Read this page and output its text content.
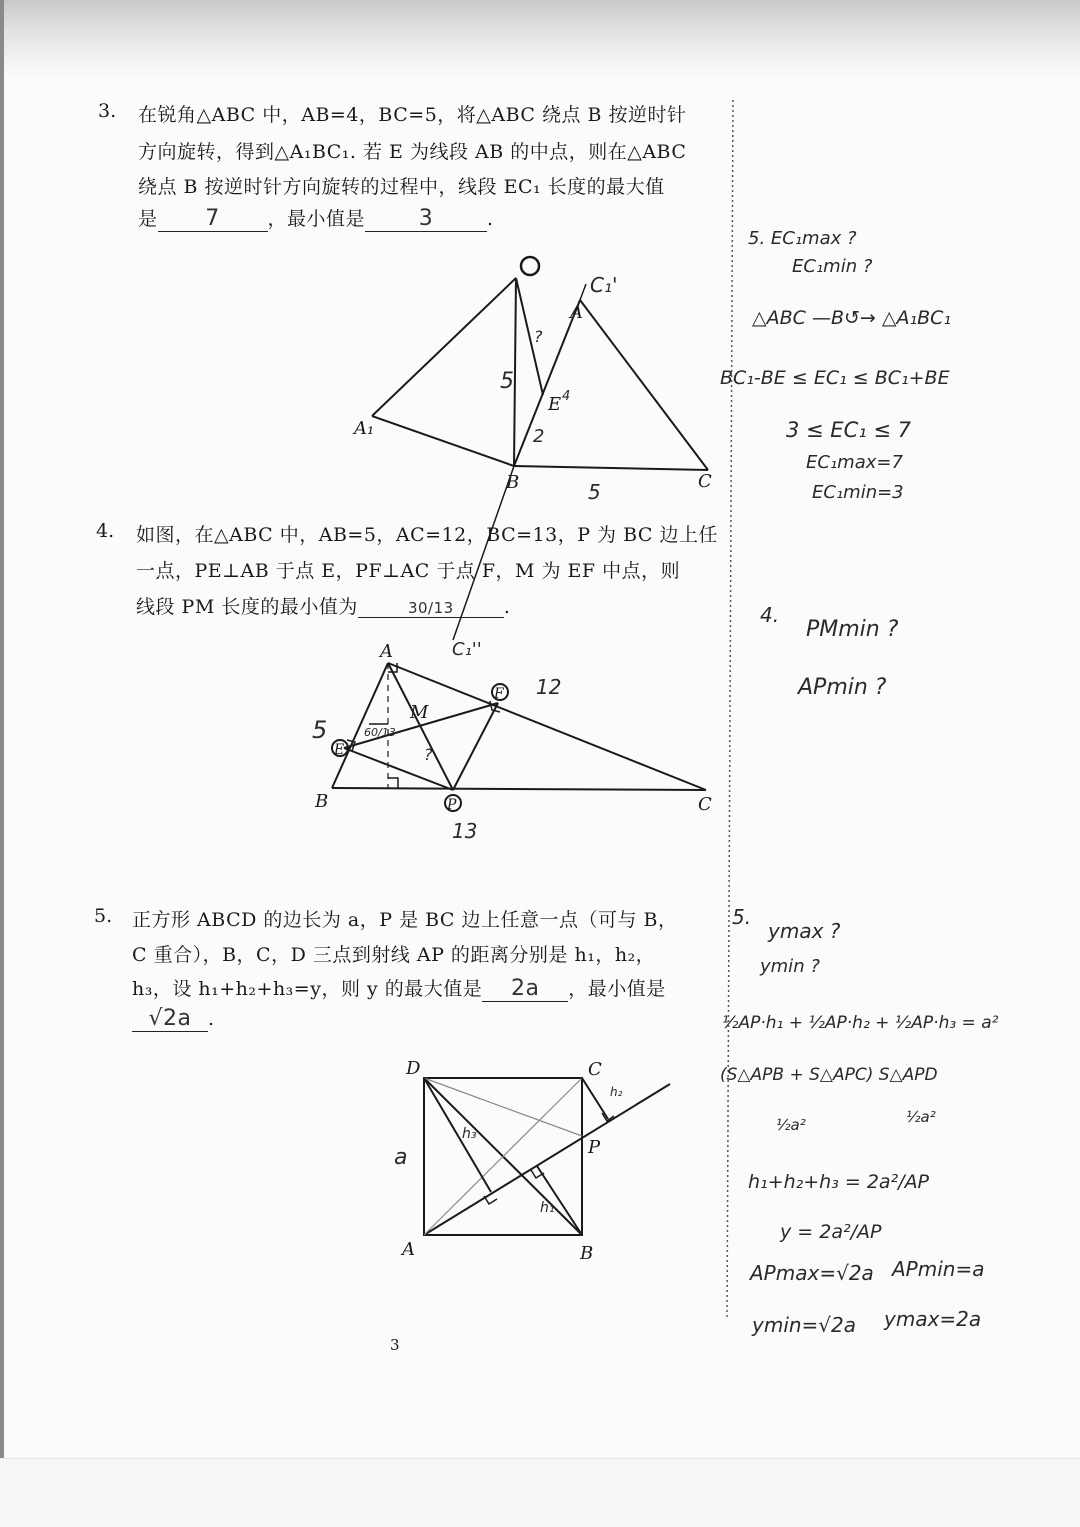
3. 在锐角△ABC 中，AB=4，BC=5，将△ABC 绕点 B 按逆时针
方向旋转，得到△A₁BC₁. 若 E 为线段 AB 的中点，则在△ABC
绕点 B 按逆时针方向旋转的过程中，线段 EC₁ 长度的最大值
是 7	，最小值是 3	.
4. 如图，在△ABC 中，AB=5，AC=12，BC=13，P 为 BC 边上任
一点，PE⊥AB 于点 E，PF⊥AC 于点 F，M 为 EF 中点，则
线段 PM 长度的最小值为	30/13	.
5. 正方形 ABCD 的边长为 a，P 是 BC 边上任意一点（可与 B，
C 重合），B，C，D 三点到射线 AP 的距离分别是 h₁，h₂，
h₃，设 h₁+h₂+h₃=y，则 y 的最大值是 2a ，最小值是
√2a .
A₁
B	C
A
E
C₁'
C₁''
5
2
?
4
5
A
B	C
E
F
P
M
5
12
13
60/13
?
D	C
A	B
P
a
h₁
h₂
h₃
5. EC₁max ?
EC₁min ?
△ABC —B↺→ △A₁BC₁
BC₁-BE ≤ EC₁ ≤ BC₁+BE
3 ≤ EC₁ ≤ 7
EC₁max=7
EC₁min=3
4.
PMmin ?
APmin ?
5.
ymax ?
ymin ?
½AP·h₁ + ½AP·h₂ + ½AP·h₃ = a²
(S△APB + S△APC) S△APD
½a²	½a²
h₁+h₂+h₃ = 2a²/AP
y = 2a²/AP
APmax=√2a APmin=a
ymin=√2a ymax=2a
3
